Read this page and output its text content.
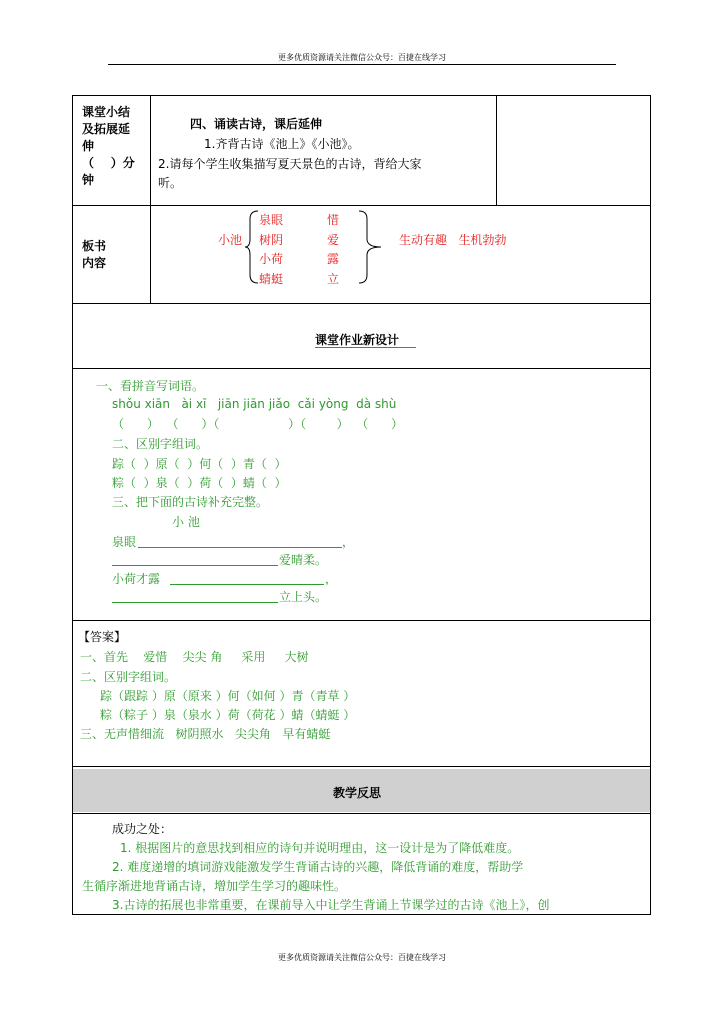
更多优质资源请关注微信公众号：百捷在线学习
课堂小结
及拓展延
伸
（    ）分
钟
四、诵读古诗，课后延伸
1.齐背古诗《池上》《小池》。
2.请每个学生收集描写夏天景色的古诗，背给大家
听。
板书
内容
小池
泉眼	惜
树阴	爱
小荷	露
蜻蜓	立
生动有趣   生机勃勃
课堂作业新设计
一、看拼音写词语。
shǒu xiān   ài xī   jiān jiān jiǎo  cǎi yòng  dà shù
（      ）  （      ）（                  ）（        ）  （      ）
二、区别字组词。
踪（  ）原（  ）何（  ）青（  ）
粽（  ）泉（  ）荷（  ）蜻（  ）
三、把下面的古诗补充完整。
小 池
泉眼	，
爱晴柔。
小荷才露	，
立上头。
【答案】
一、首先    爱惜    尖尖 角     采用     大树
二、区别字组词。
踪（跟踪 ）原（原来 ）何（如何 ）青（青草 ）
粽（粽子 ）泉（泉水 ）荷（荷花 ）蜻（蜻蜓 ）
三、无声惜细流   树阴照水   尖尖角   早有蜻蜓
教学反思
成功之处：
1. 根据图片的意思找到相应的诗句并说明理由，这一设计是为了降低难度。
2. 难度递增的填词游戏能激发学生背诵古诗的兴趣，降低背诵的难度，帮助学
生循序渐进地背诵古诗，增加学生学习的趣味性。
3.古诗的拓展也非常重要，在课前导入中让学生背诵上节课学过的古诗《池上》，创
更多优质资源请关注微信公众号：百捷在线学习
